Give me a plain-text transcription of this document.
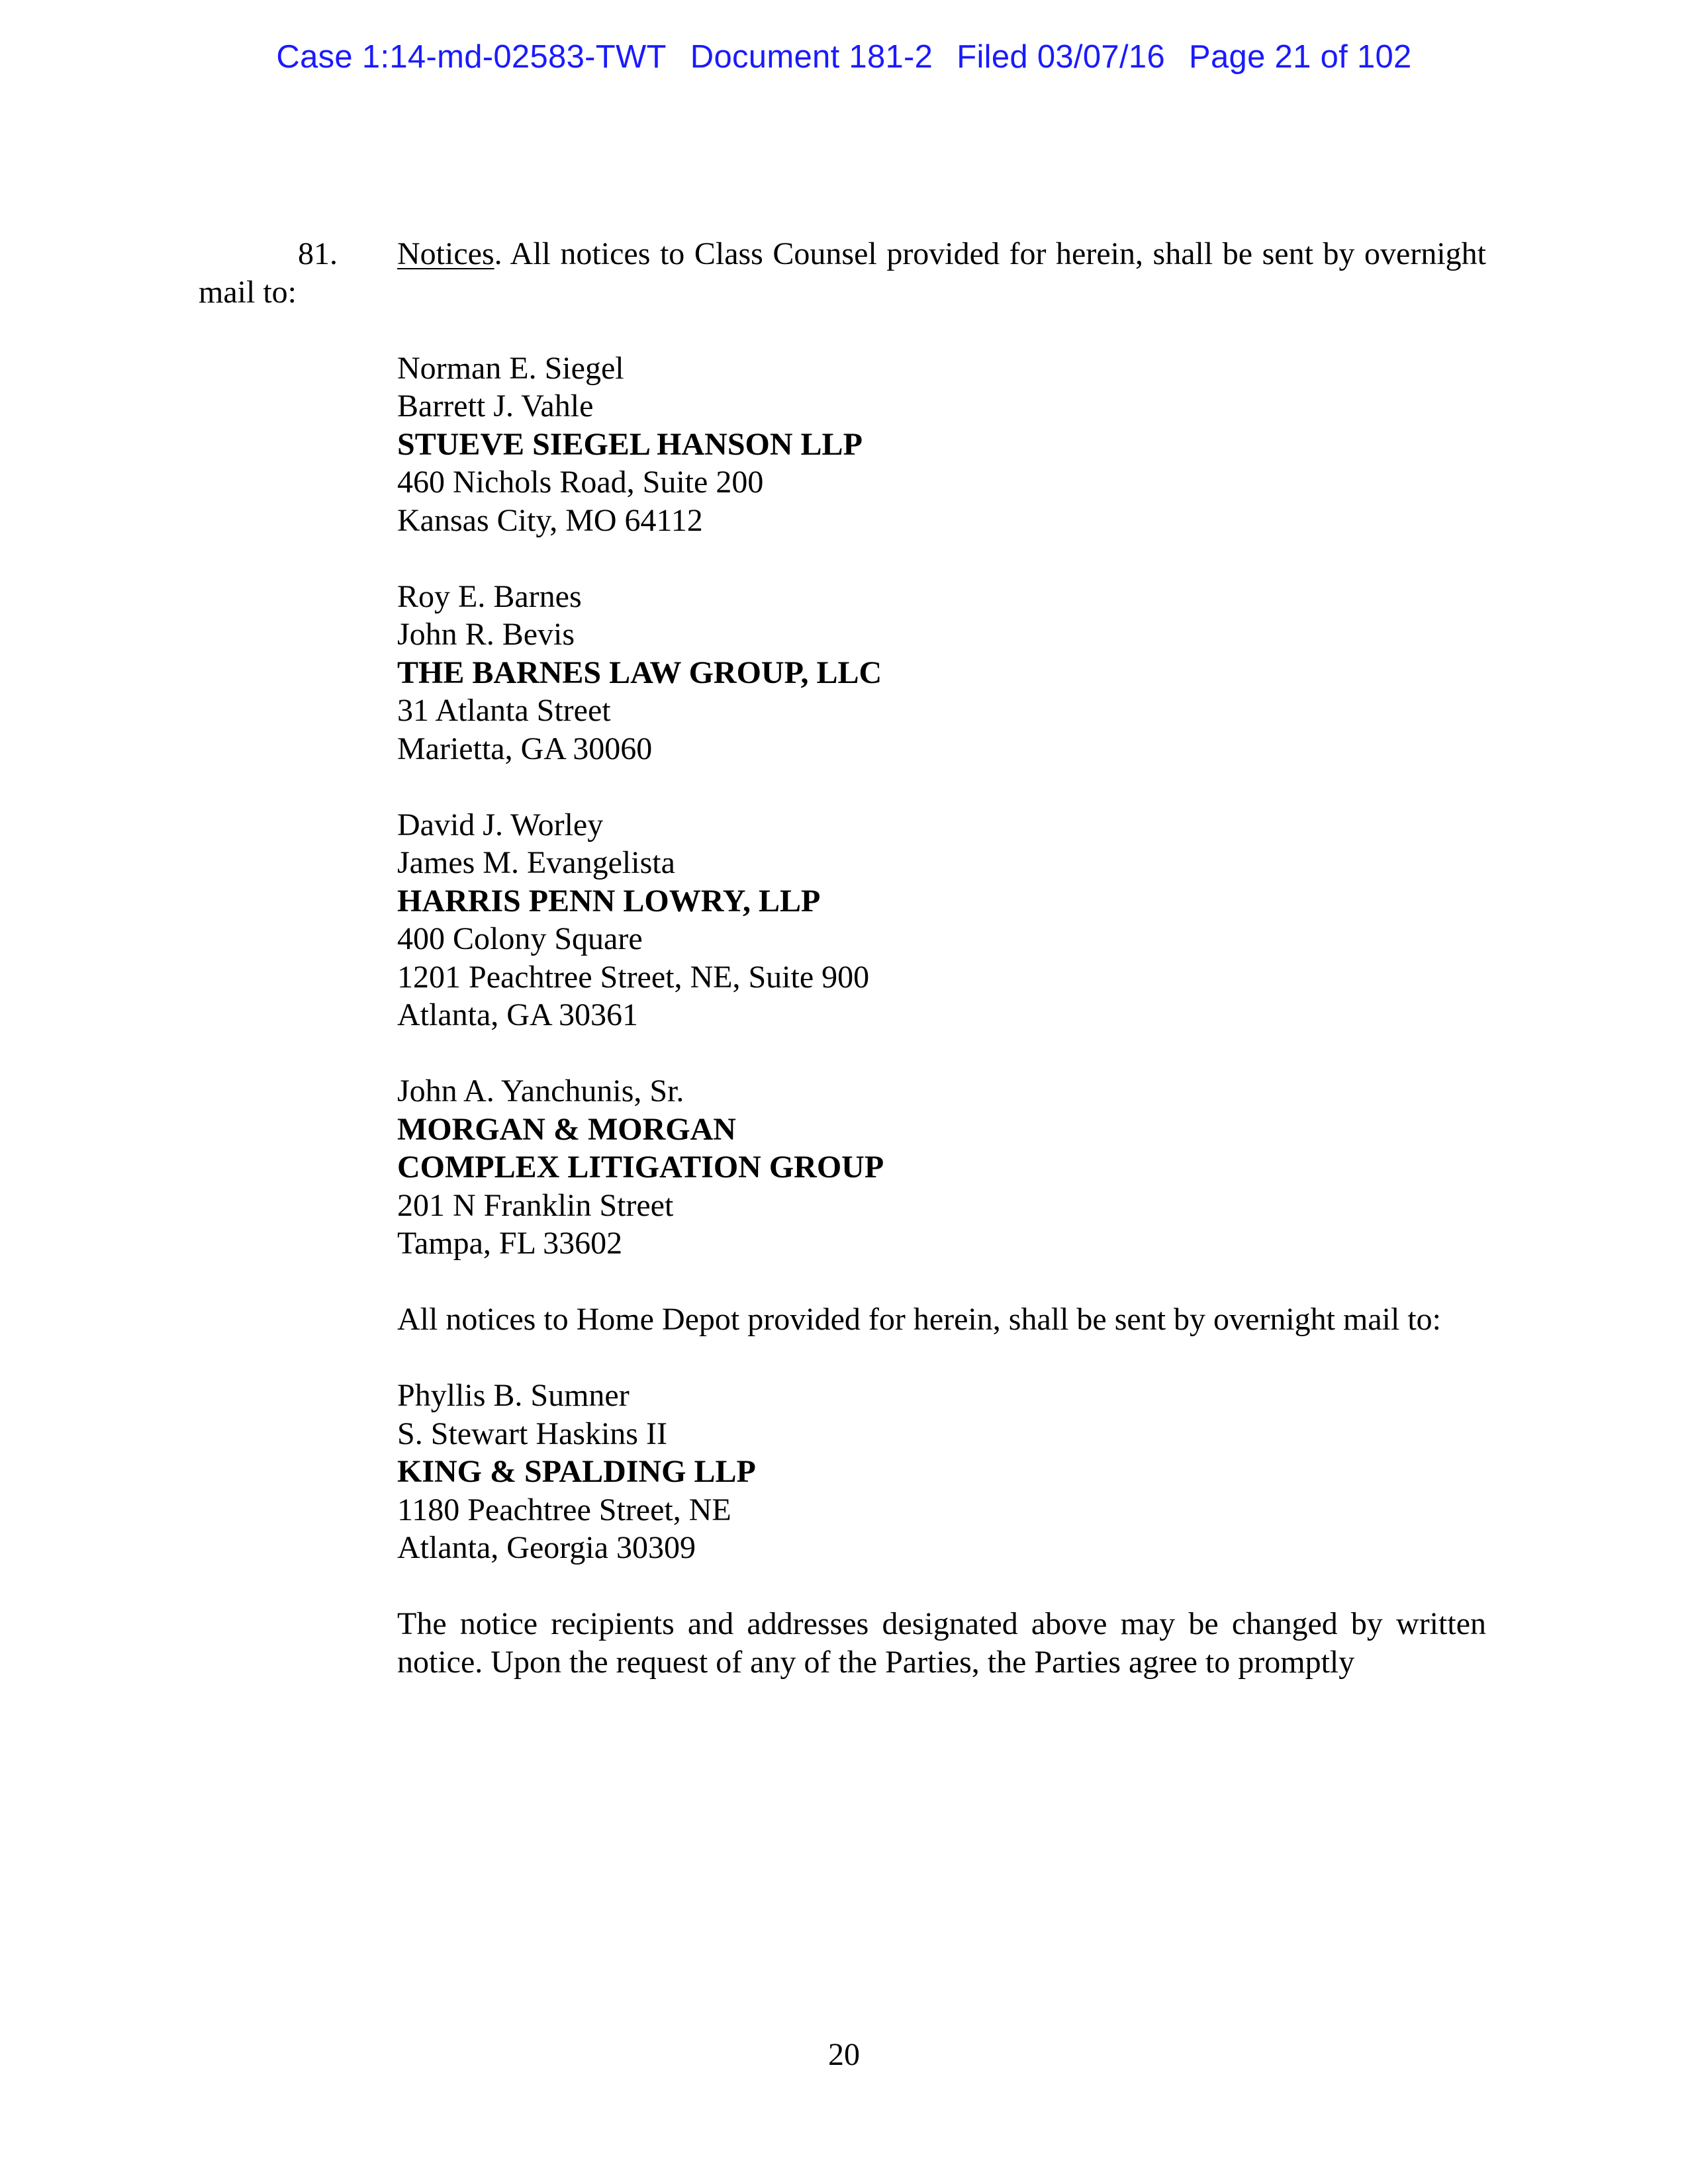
Case 1:14-md-02583-TWT Document 181-2 Filed 03/07/16 Page 21 of 102
81. Notices. All notices to Class Counsel provided for herein, shall be sent by overnight mail to:
Norman E. Siegel
Barrett J. Vahle
STUEVE SIEGEL HANSON LLP
460 Nichols Road, Suite 200
Kansas City, MO 64112
Roy E. Barnes
John R. Bevis
THE BARNES LAW GROUP, LLC
31 Atlanta Street
Marietta, GA 30060
David J. Worley
James M. Evangelista
HARRIS PENN LOWRY, LLP
400 Colony Square
1201 Peachtree Street, NE, Suite 900
Atlanta, GA 30361
John A. Yanchunis, Sr.
MORGAN & MORGAN
COMPLEX LITIGATION GROUP
201 N Franklin Street
Tampa, FL 33602
All notices to Home Depot provided for herein, shall be sent by overnight mail to:
Phyllis B. Sumner
S. Stewart Haskins II
KING & SPALDING LLP
1180 Peachtree Street, NE
Atlanta, Georgia 30309
The notice recipients and addresses designated above may be changed by written notice. Upon the request of any of the Parties, the Parties agree to promptly
20
